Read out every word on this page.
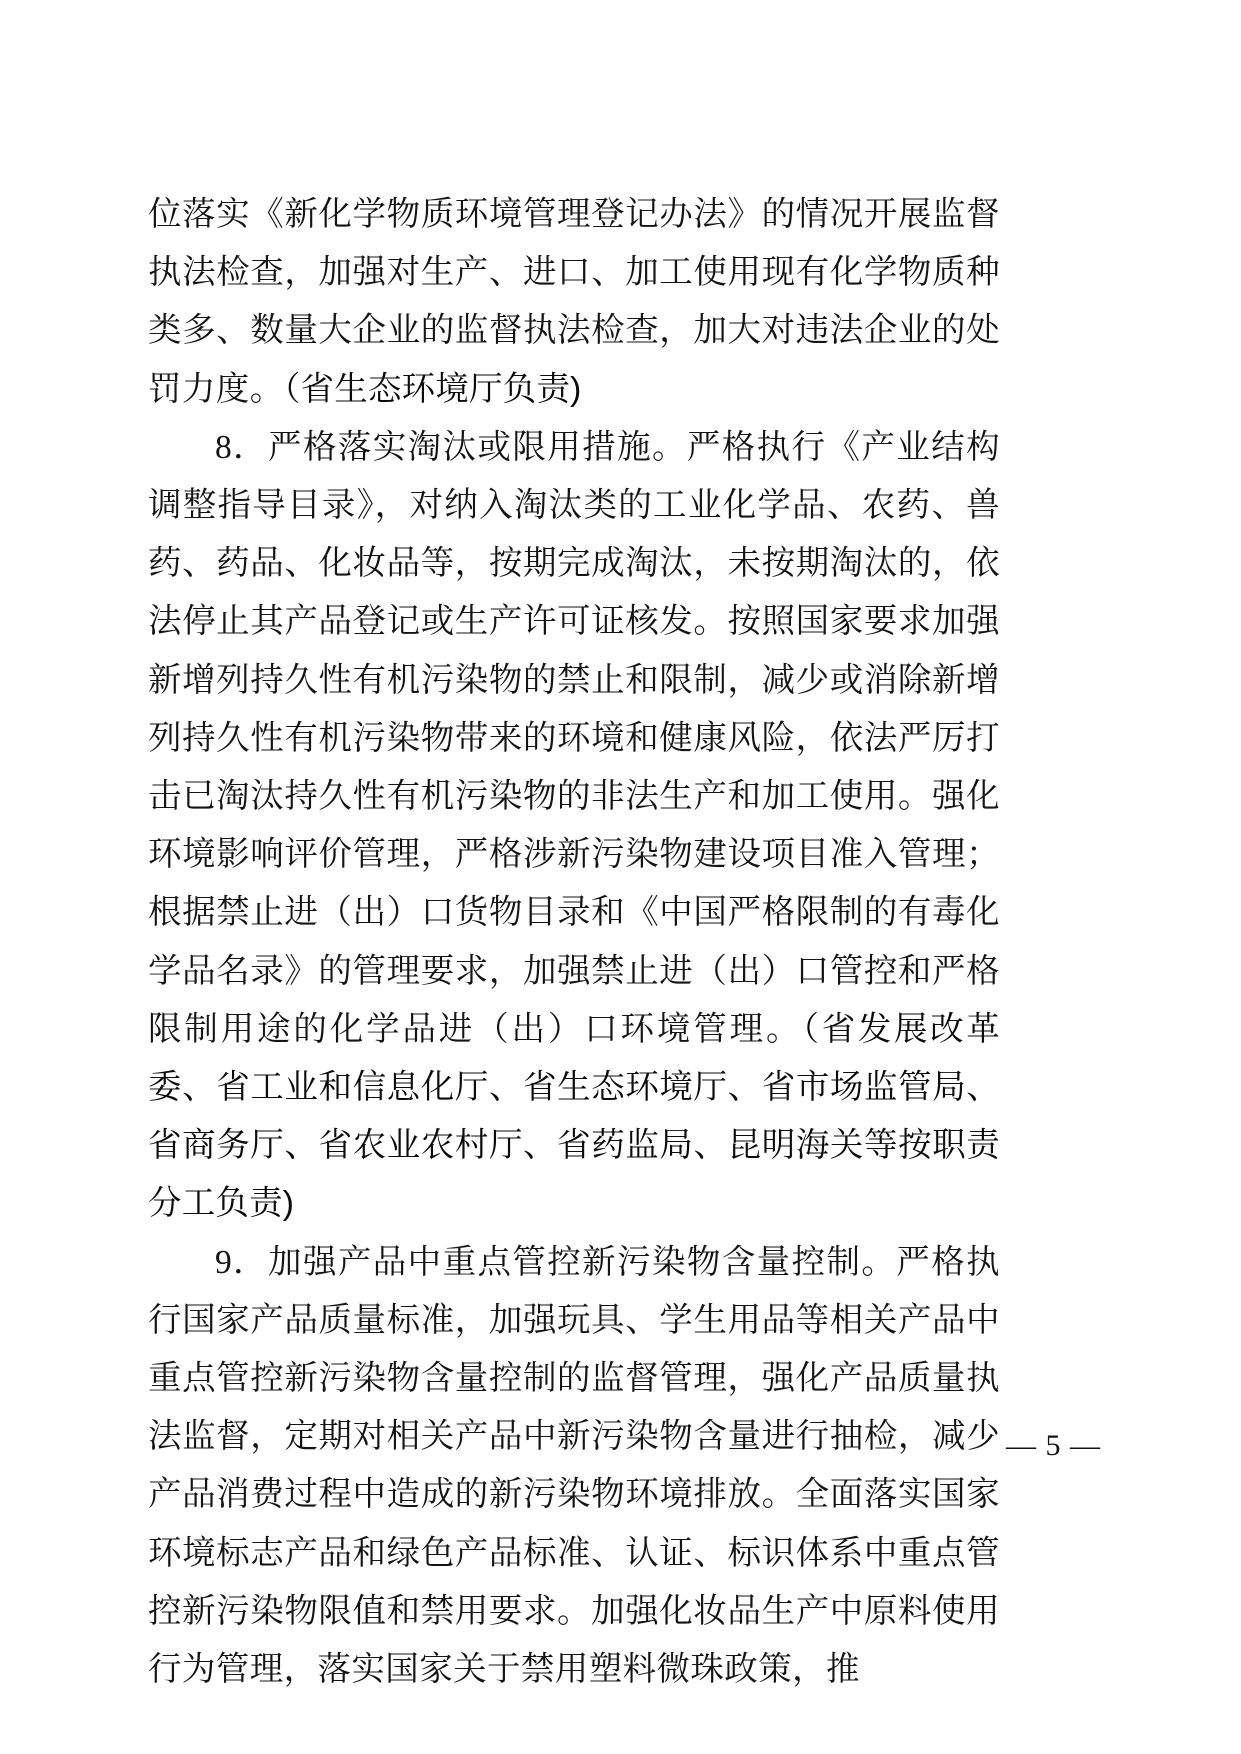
位落实《新化学物质环境管理登记办法》的情况开展监督执法检查，加强对生产、进口、加工使用现有化学物质种类多、数量大企业的监督执法检查，加大对违法企业的处罚力度。（省生态环境厅负责)

8．严格落实淘汰或限用措施。严格执行《产业结构调整指导目录》，对纳入淘汰类的工业化学品、农药、兽药、药品、化妆品等，按期完成淘汰，未按期淘汰的，依法停止其产品登记或生产许可证核发。按照国家要求加强新增列持久性有机污染物的禁止和限制，减少或消除新增列持久性有机污染物带来的环境和健康风险，依法严厉打击已淘汰持久性有机污染物的非法生产和加工使用。强化环境影响评价管理，严格涉新污染物建设项目准入管理；根据禁止进（出）口货物目录和《中国严格限制的有毒化学品名录》的管理要求，加强禁止进（出）口管控和严格限制用途的化学品进（出）口环境管理。（省发展改革委、省工业和信息化厅、省生态环境厅、省市场监管局、省商务厅、省农业农村厅、省药监局、昆明海关等按职责分工负责)

9．加强产品中重点管控新污染物含量控制。严格执行国家产品质量标准，加强玩具、学生用品等相关产品中重点管控新污染物含量控制的监督管理，强化产品质量执法监督，定期对相关产品中新污染物含量进行抽检，减少产品消费过程中造成的新污染物环境排放。全面落实国家环境标志产品和绿色产品标准、认证、标识体系中重点管控新污染物限值和禁用要求。加强化妆品生产中原料使用行为管理，落实国家关于禁用塑料微珠政策，推

— 5 —
